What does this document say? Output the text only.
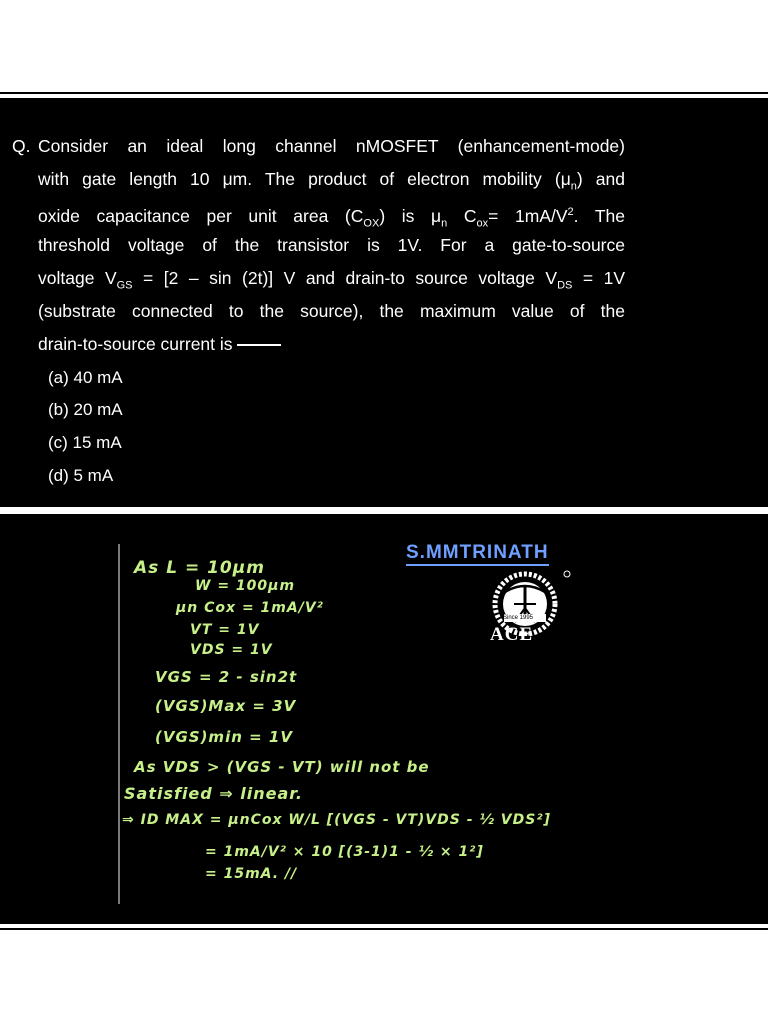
Q. Consider an ideal long channel nMOSFET (enhancement-mode)
with gate length 10 μm. The product of electron mobility $(\mu_n)$ and
oxide capacitance per unit area $(C_{OX})$ is $\mu_n$ $C_{ox}= 1mA/V^2$. The
threshold voltage of the transistor is 1V. For a gate-to-source
voltage $V_{GS} = [2 - \sin (2t)]$ V and drain-to source voltage $V_{DS} = 1V$
(substrate connected to the source), the maximum value of the
drain-to-source current is
(a) 40 mA
(b) 20 mA
(c) 15 mA
(d) 5 mA
S.MMTRINATH
Since 1995
ACE
As L = 10μm
W = 100μm
μn Cox = 1mA/V²
VT = 1V
VDS = 1V
VGS = 2 - sin2t
(VGS)Max = 3V
(VGS)min = 1V
As VDS > (VGS - VT) will not be
Satisfied ⇒ linear.
⇒ ID MAX = μnCox W/L [(VGS - VT)VDS - ½ VDS²]
= 1mA/V² × 10 [(3-1)1 - ½ × 1²]
= 15mA. //
